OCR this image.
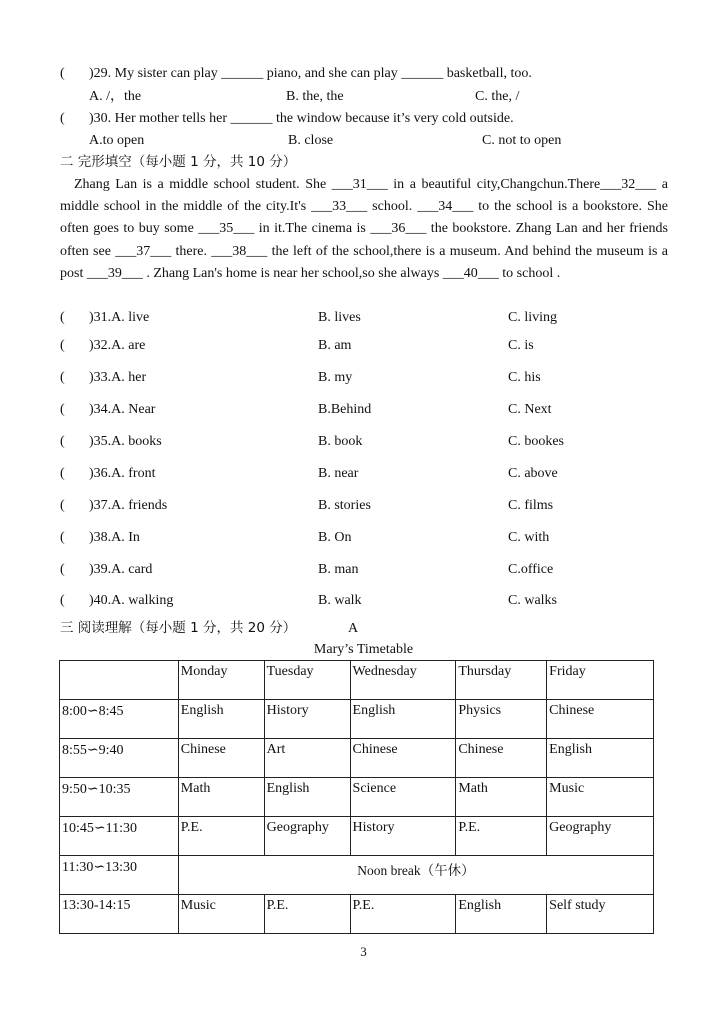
( )29. My sister can play ______ piano, and she can play ______ basketball, too.
A. /，the	B. the, the	C. the, /
( )30. Her mother tells her ______ the window because it’s very cold outside.
A.to open	B. close	C. not to open
二 完形填空（每小题 1 分，共 10 分）
Zhang Lan is a middle school student. She ___31___ in a beautiful city,Changchun.There___32___ a middle school in the middle of the city.It's ___33___ school. ___34___ to the school is a bookstore. She often goes to buy some ___35___ in it.The cinema is ___36___ the bookstore. Zhang Lan and her friends often see ___37___ there. ___38___ the left of the school,there is a museum. And behind the museum is a post ___39___ . Zhang Lan's home is near her school,so she always ___40___ to school .
( )31.A. live	B. lives	C. living
( )32.A. are	B. am	C. is
( )33.A. her	B. my	C. his
( )34.A. Near	B.Behind	C. Next
( )35.A. books	B. book	C. bookes
( )36.A. front	B. near	C. above
( )37.A. friends	B. stories	C. films
( )38.A. In	B. On	C. with
( )39.A. card	B. man	C.office
( )40.A. walking	B. walk	C. walks
三 阅读理解（每小题 1 分，共 20 分）	A
Mary’s Timetable
	Monday	Tuesday	Wednesday	Thursday	Friday
8:00∽8:45	English	History	English	Physics	Chinese
8:55∽9:40	Chinese	Art	Chinese	Chinese	English
9:50∽10:35	Math	English	Science	Math	Music
10:45∽11:30	P.E.	Geography	History	P.E.	Geography
11:30∽13:30	Noon break（午休）				
13:30-14:15	Music	P.E.	P.E.	English	Self study
3
